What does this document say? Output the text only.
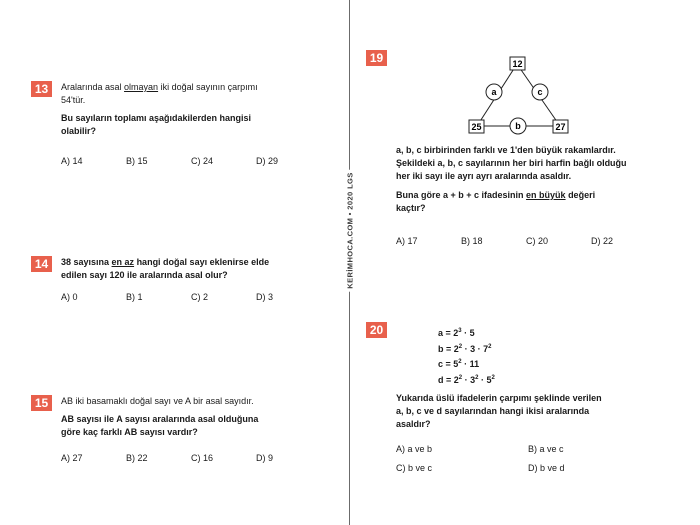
KERİMHOCA.COM • 2020 LGS
13	Aralarında asal olmayan iki doğal sayının çarpımı
54'tür.
Bu sayıların toplamı aşağıdakilerden hangisi
olabilir?
A) 14	B) 15	C) 24	D) 29
14	38 sayısına en az hangi doğal sayı eklenirse elde
edilen sayı 120 ile aralarında asal olur?
A) 0	B) 1	C) 2	D) 3
15	AB iki basamaklı doğal sayı ve A bir asal sayıdır.
AB sayısı ile A sayısı aralarında asal olduğuna
göre kaç farklı AB sayısı vardır?
A) 27	B) 22	C) 16	D) 9
19	12
25	27
a	c
b
a, b, c birbirinden farklı ve 1'den büyük rakamlardır.
Şekildeki a, b, c sayılarının her biri harfin bağlı olduğu
her iki sayı ile ayrı ayrı aralarında asaldır.
Buna göre a + b + c ifadesinin en büyük değeri
kaçtır?
A) 17	B) 18	C) 20	D) 22
20	$a = 2^3 \cdot 5$
$b = 2^2 \cdot 3 \cdot 7^2$
$c = 5^2 \cdot 11$
$d = 2^2 \cdot 3^2 \cdot 5^2$
Yukarıda üslü ifadelerin çarpımı şeklinde verilen
a, b, c ve d sayılarından hangi ikisi aralarında
asaldır?
A) a ve b	B) a ve c
C) b ve c	D) b ve d
